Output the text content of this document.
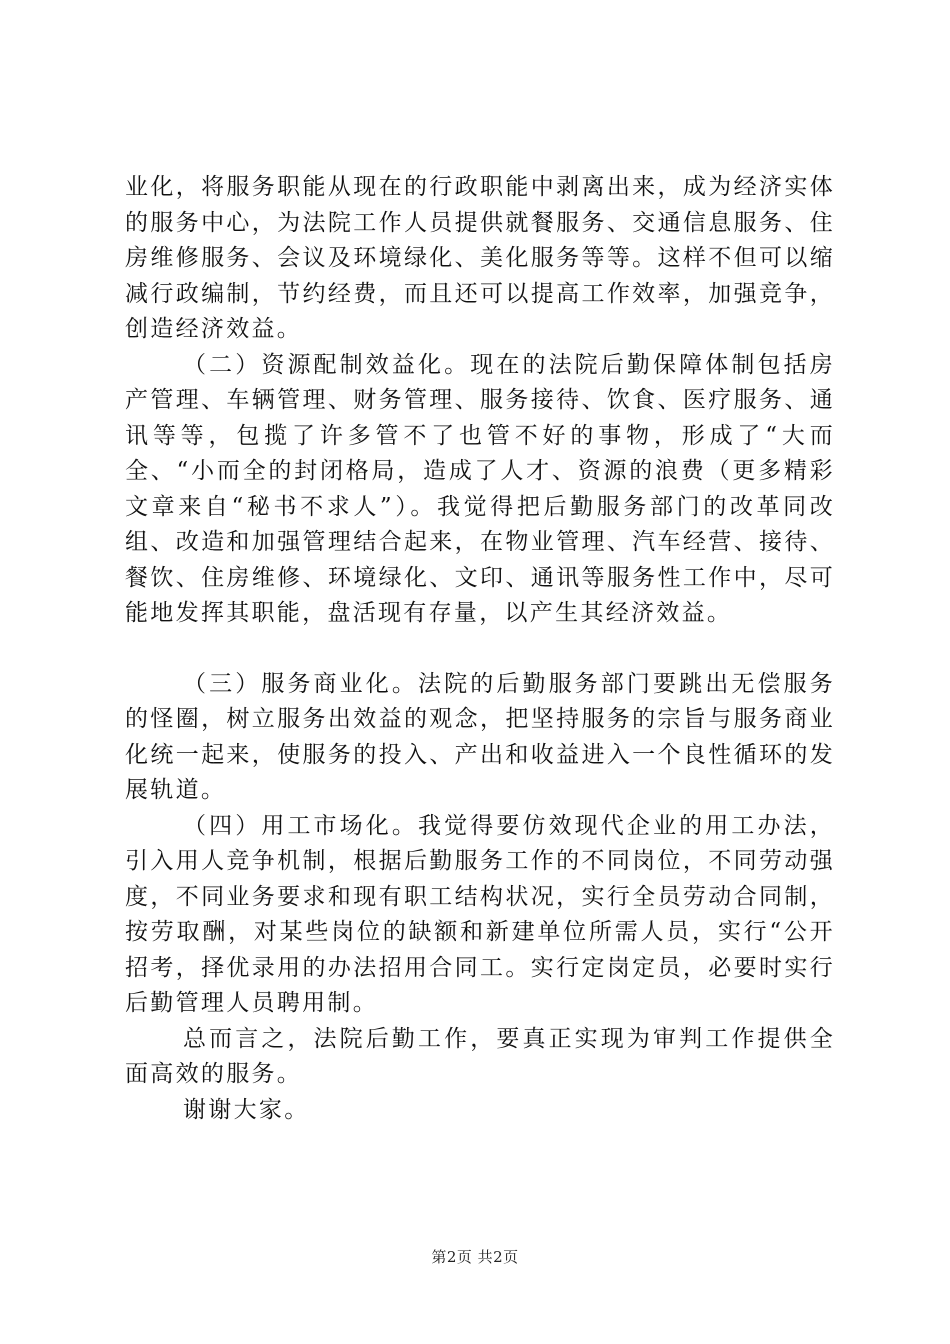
业化，将服务职能从现在的行政职能中剥离出来，成为经济实体的服务中心，为法院工作人员提供就餐服务、交通信息服务、住房维修服务、会议及环境绿化、美化服务等等。这样不但可以缩减行政编制，节约经费，而且还可以提高工作效率，加强竞争，创造经济效益。

（二）资源配制效益化。现在的法院后勤保障体制包括房产管理、车辆管理、财务管理、服务接待、饮食、医疗服务、通讯等等，包揽了许多管不了也管不好的事物，形成了“大而全、“小而全的封闭格局，造成了人才、资源的浪费（更多精彩文章来自“秘书不求人”）。我觉得把后勤服务部门的改革同改组、改造和加强管理结合起来，在物业管理、汽车经营、接待、餐饮、住房维修、环境绿化、文印、通讯等服务性工作中，尽可能地发挥其职能，盘活现有存量，以产生其经济效益。

（三）服务商业化。法院的后勤服务部门要跳出无偿服务的怪圈，树立服务出效益的观念，把坚持服务的宗旨与服务商业化统一起来，使服务的投入、产出和收益进入一个良性循环的发展轨道。

（四）用工市场化。我觉得要仿效现代企业的用工办法，引入用人竞争机制，根据后勤服务工作的不同岗位，不同劳动强度，不同业务要求和现有职工结构状况，实行全员劳动合同制，按劳取酬，对某些岗位的缺额和新建单位所需人员，实行“公开招考，择优录用的办法招用合同工。实行定岗定员，必要时实行后勤管理人员聘用制。

总而言之，法院后勤工作，要真正实现为审判工作提供全面高效的服务。

谢谢大家。

第2页 共2页
